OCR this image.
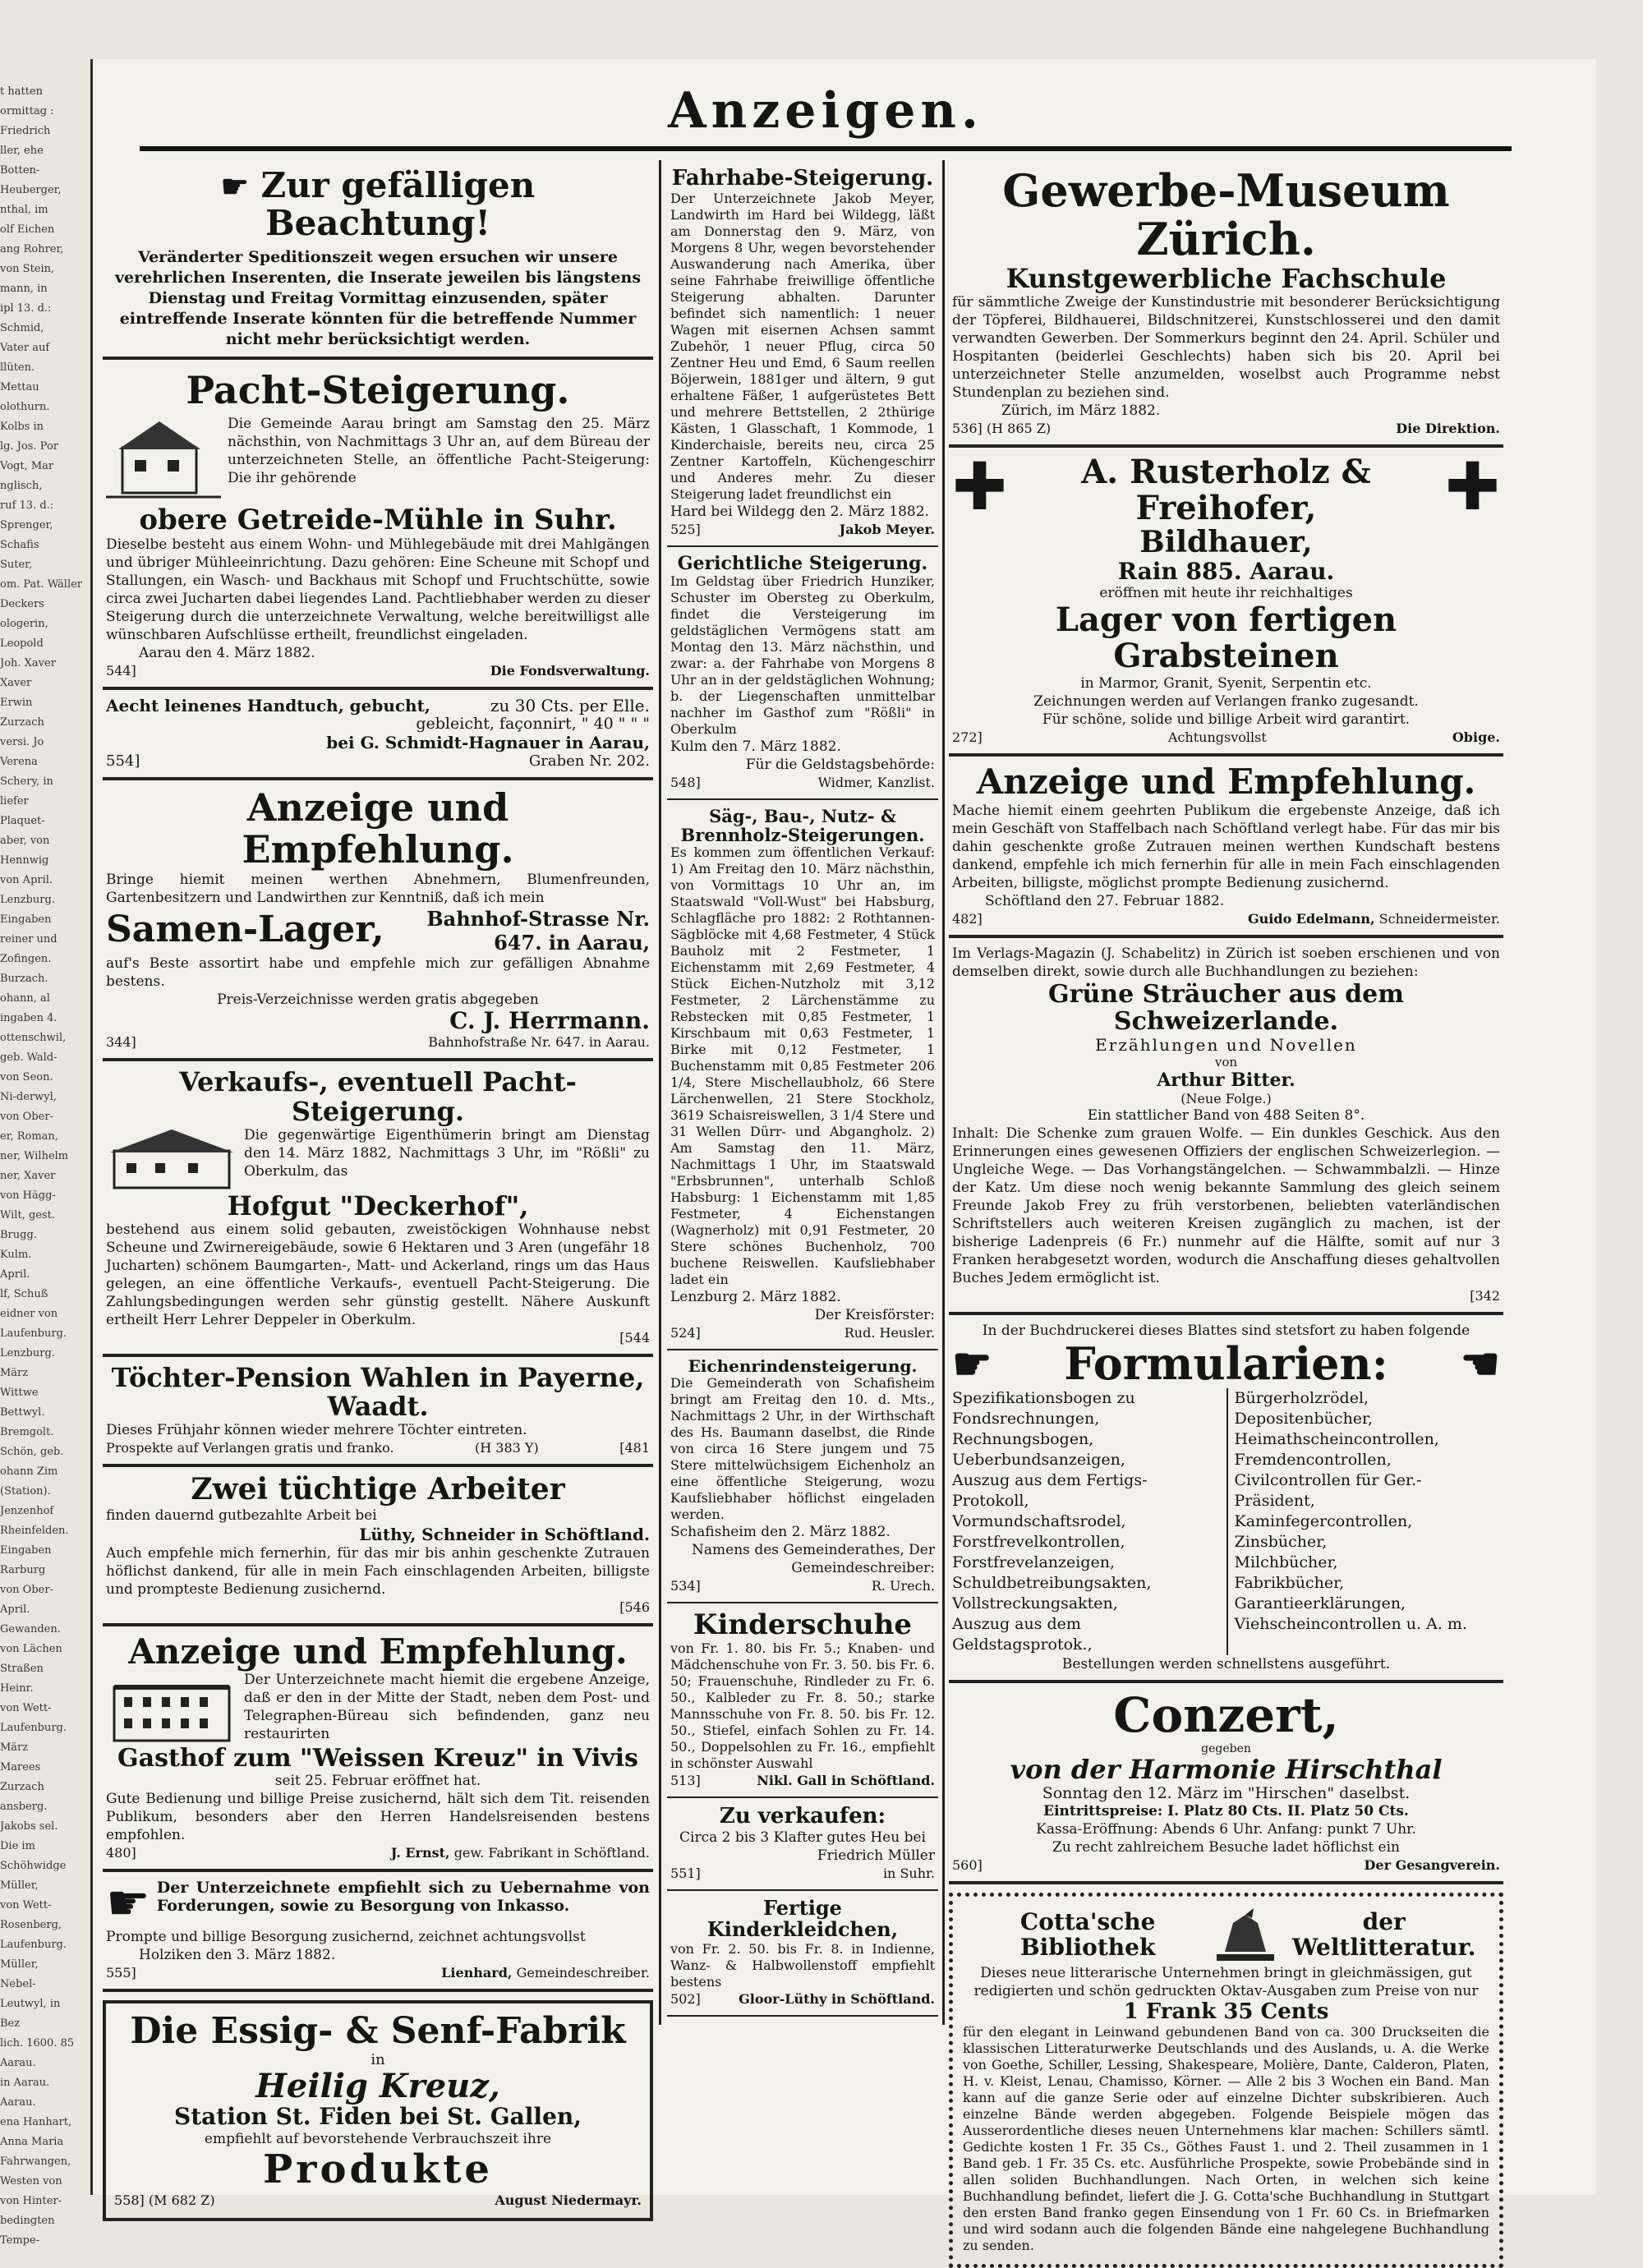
t hatten
ormittag :
Friedrich
ller, ehe
Botten-
Heuberger,
nthal, im
olf Eichen
ang Rohrer,
von Stein,
mann, in
ipl 13. d.:
Schmid,
Vater auf
llüten.
Mettau
olothurn.
Kolbs in
lg. Jos. Por
Vogt, Mar
nglisch,
ruf 13. d.:
Sprenger,
Schafis
Suter,
om. Pat. Wäller
Deckers
ologerin,
Leopold
Joh. Xaver
Xaver
Erwin
Zurzach
versi. Jo
Verena
Schery, in
liefer
Plaquet-
aber, von
Hennwig
von April.
Lenzburg.
Eingaben
reiner und
Zofingen.
Burzach.
ohann, al
ingaben 4.
ottenschwil,
geb. Wald-
von Seon.
Ni-derwyl,
von Ober-
er, Roman,
ner, Wilhelm
ner, Xaver
von Hägg-
Wilt, gest.
Brugg.
Kulm.
April.
lf, Schuß
eidner von
Laufenburg.
Lenzburg.
März
Wittwe
Bettwyl.
Bremgolt.
Schön, geb.
ohann Zim
(Station).
Jenzenhof
Rheinfelden.
Eingaben
Rarburg
von Ober-
April.
Gewanden.
von Lächen
Straßen
Heinr.
von Wett-
Laufenburg.
März
Marees
Zurzach
ansberg.
Jakobs sel.
Die im
Schöhwidge
Müller,
von Wett-
Rosenberg,
Laufenburg.
Müller,
Nebel-
Leutwyl, in
Bez
lich. 1600. 85
Aarau.
in Aarau.
Aarau.
ena Hanhart,
Anna Maria
Fahrwangen,
Westen von
von Hinter-
bedingten
Tempe-
Anzeigen.
☛ Zur gefälligen Beachtung!
Veränderter Speditionszeit wegen ersuchen wir unsere verehrlichen Inserenten, die Inserate jeweilen bis längstens Dienstag und Freitag Vormittag einzusenden, später eintreffende Inserate könnten für die betreffende Nummer nicht mehr berücksichtigt werden.
Pacht-Steigerung.
Die Gemeinde Aarau bringt am Samstag den 25. März nächsthin, von Nachmittags 3 Uhr an, auf dem Büreau der unterzeichneten Stelle, an öffentliche Pacht-Steigerung: Die ihr gehörende
obere Getreide-Mühle in Suhr.
Dieselbe besteht aus einem Wohn- und Mühlegebäude mit drei Mahlgängen und übriger Mühleeinrichtung. Dazu gehören: Eine Scheune mit Schopf und Stallungen, ein Wasch- und Backhaus mit Schopf und Fruchtschütte, sowie circa zwei Jucharten dabei liegendes Land. Pachtliebhaber werden zu dieser Steigerung durch die unterzeichnete Verwaltung, welche bereitwilligst alle wünschbaren Aufschlüsse ertheilt, freundlichst eingeladen.
Aarau den 4. März 1882.
544]	Die Fondsverwaltung.
Aecht leinenes Handtuch, gebucht,	zu 30 Cts. per Elle.
gebleicht, façonnirt, " 40 " " "
bei G. Schmidt-Hagnauer in Aarau,
554]	Graben Nr. 202.
Anzeige und Empfehlung.
Bringe hiemit meinen werthen Abnehmern, Blumenfreunden, Gartenbesitzern und Landwirthen zur Kenntniß, daß ich mein
Samen-Lager,	Bahnhof-Strasse Nr. 647. in Aarau,
auf's Beste assortirt habe und empfehle mich zur gefälligen Abnahme bestens.
Preis-Verzeichnisse werden gratis abgegeben
C. J. Herrmann.
344]	Bahnhofstraße Nr. 647. in Aarau.
Verkaufs-, eventuell Pacht-Steigerung.
Die gegenwärtige Eigenthümerin bringt am Dienstag den 14. März 1882, Nachmittags 3 Uhr, im "Rößli" zu Oberkulm, das
Hofgut "Deckerhof",
bestehend aus einem solid gebauten, zweistöckigen Wohnhause nebst Scheune und Zwirnereigebäude, sowie 6 Hektaren und 3 Aren (ungefähr 18 Jucharten) schönem Baumgarten-, Matt- und Ackerland, rings um das Haus gelegen, an eine öffentliche Verkaufs-, eventuell Pacht-Steigerung. Die Zahlungsbedingungen werden sehr günstig gestellt. Nähere Auskunft ertheilt Herr Lehrer Deppeler in Oberkulm.
[544
Töchter-Pension Wahlen in Payerne, Waadt.
Dieses Frühjahr können wieder mehrere Töchter eintreten.
Prospekte auf Verlangen gratis und franko.	(H 383 Y)	[481
Zwei tüchtige Arbeiter
finden dauernd gutbezahlte Arbeit bei
Lüthy, Schneider in Schöftland.
Auch empfehle mich fernerhin, für das mir bis anhin geschenkte Zutrauen höflichst dankend, für alle in mein Fach einschlagenden Arbeiten, billigste und prompteste Bedienung zusichernd.
[546
Anzeige und Empfehlung.
Der Unterzeichnete macht hiemit die ergebene Anzeige, daß er den in der Mitte der Stadt, neben dem Post- und Telegraphen-Büreau sich befindenden, ganz neu restaurirten
Gasthof zum "Weissen Kreuz" in Vivis
seit 25. Februar eröffnet hat.
Gute Bedienung und billige Preise zusichernd, hält sich dem Tit. reisenden Publikum, besonders aber den Herren Handelsreisenden bestens empfohlen.
480]	J. Ernst, gew. Fabrikant in Schöftland.
☛ Der Unterzeichnete empfiehlt sich zu Uebernahme von Forderungen, sowie zu Besorgung von Inkasso.
Prompte und billige Besorgung zusichernd, zeichnet achtungsvollst
Holziken den 3. März 1882.
555]	Lienhard, Gemeindeschreiber.
Die Essig- & Senf-Fabrik
in
Heilig Kreuz,
Station St. Fiden bei St. Gallen,
empfiehlt auf bevorstehende Verbrauchszeit ihre
Produkte
558] (M 682 Z)	August Niedermayr.
Fahrhabe-Steigerung.
Der Unterzeichnete Jakob Meyer, Landwirth im Hard bei Wildegg, läßt am Donnerstag den 9. März, von Morgens 8 Uhr, wegen bevorstehender Auswanderung nach Amerika, über seine Fahrhabe freiwillige öffentliche Steigerung abhalten. Darunter befindet sich namentlich: 1 neuer Wagen mit eisernen Achsen sammt Zubehör, 1 neuer Pflug, circa 50 Zentner Heu und Emd, 6 Saum reellen Böjerwein, 1881ger und ältern, 9 gut erhaltene Fäßer, 1 aufgerüstetes Bett und mehrere Bettstellen, 2 2thürige Kästen, 1 Glasschaft, 1 Kommode, 1 Kinderchaisle, bereits neu, circa 25 Zentner Kartoffeln, Küchengeschirr und Anderes mehr. Zu dieser Steigerung ladet freundlichst ein
Hard bei Wildegg den 2. März 1882.
525]	Jakob Meyer.
Gerichtliche Steigerung.
Im Geldstag über Friedrich Hunziker, Schuster im Obersteg zu Oberkulm, findet die Versteigerung im geldstäglichen Vermögens statt am Montag den 13. März nächsthin, und zwar: a. der Fahrhabe von Morgens 8 Uhr an in der geldstäglichen Wohnung; b. der Liegenschaften unmittelbar nachher im Gasthof zum "Rößli" in Oberkulm
Kulm den 7. März 1882.
Für die Geldstagsbehörde:
548]	Widmer, Kanzlist.
Säg-, Bau-, Nutz- & Brennholz-Steigerungen.
Es kommen zum öffentlichen Verkauf: 1) Am Freitag den 10. März nächsthin, von Vormittags 10 Uhr an, im Staatswald "Voll-Wust" bei Habsburg, Schlagfläche pro 1882: 2 Rothtannen-Sägblöcke mit 4,68 Festmeter, 4 Stück Bauholz mit 2 Festmeter, 1 Eichenstamm mit 2,69 Festmeter, 4 Stück Eichen-Nutzholz mit 3,12 Festmeter, 2 Lärchenstämme zu Rebstecken mit 0,85 Festmeter, 1 Kirschbaum mit 0,63 Festmeter, 1 Birke mit 0,12 Festmeter, 1 Buchenstamm mit 0,85 Festmeter 206 1/4, Stere Mischellaubholz, 66 Stere Lärchenwellen, 21 Stere Stockholz, 3619 Schaisreiswellen, 3 1/4 Stere und 31 Wellen Dürr- und Abgangholz. 2) Am Samstag den 11. März, Nachmittags 1 Uhr, im Staatswald "Erbsbrunnen", unterhalb Schloß Habsburg: 1 Eichenstamm mit 1,85 Festmeter, 4 Eichenstangen (Wagnerholz) mit 0,91 Festmeter, 20 Stere schönes Buchenholz, 700 buchene Reiswellen. Kaufsliebhaber ladet ein
Lenzburg 2. März 1882.
Der Kreisförster:
524]	Rud. Heusler.
Eichenrindensteigerung.
Die Gemeinderath von Schafisheim bringt am Freitag den 10. d. Mts., Nachmittags 2 Uhr, in der Wirthschaft des Hs. Baumann daselbst, die Rinde von circa 16 Stere jungem und 75 Stere mittelwüchsigem Eichenholz an eine öffentliche Steigerung, wozu Kaufsliebhaber höflichst eingeladen werden.
Schafisheim den 2. März 1882.
Namens des Gemeinderathes, Der Gemeindeschreiber:
534]	R. Urech.
Kinderschuhe
von Fr. 1. 80. bis Fr. 5.; Knaben- und Mädchenschuhe von Fr. 3. 50. bis Fr. 6. 50; Frauenschuhe, Rindleder zu Fr. 6. 50., Kalbleder zu Fr. 8. 50.; starke Mannsschuhe von Fr. 8. 50. bis Fr. 12. 50., Stiefel, einfach Sohlen zu Fr. 14. 50., Doppelsohlen zu Fr. 16., empfiehlt in schönster Auswahl
513]	Nikl. Gall in Schöftland.
Zu verkaufen:
Circa 2 bis 3 Klafter gutes Heu bei
Friedrich Müller
551]	in Suhr.
Fertige Kinderkleidchen,
von Fr. 2. 50. bis Fr. 8. in Indienne, Wanz- & Halbwollenstoff empfiehlt bestens
502]	Gloor-Lüthy in Schöftland.
Gewerbe-Museum Zürich.
Kunstgewerbliche Fachschule
für sämmtliche Zweige der Kunstindustrie mit besonderer Berücksichtigung der Töpferei, Bildhauerei, Bildschnitzerei, Kunstschlosserei und den damit verwandten Gewerben. Der Sommerkurs beginnt den 24. April. Schüler und Hospitanten (beiderlei Geschlechts) haben sich bis 20. April bei unterzeichneter Stelle anzumelden, woselbst auch Programme nebst Stundenplan zu beziehen sind.
Zürich, im März 1882.
536] (H 865 Z)	Die Direktion.
✚	A. Rusterholz & Freihofer,
Bildhauer,
Rain 885. Aarau.
✚
eröffnen mit heute ihr reichhaltiges
Lager von fertigen Grabsteinen
in Marmor, Granit, Syenit, Serpentin etc.
Zeichnungen werden auf Verlangen franko zugesandt.
Für schöne, solide und billige Arbeit wird garantirt.
272]	Achtungsvollst	Obige.
Anzeige und Empfehlung.
Mache hiemit einem geehrten Publikum die ergebenste Anzeige, daß ich mein Geschäft von Staffelbach nach Schöftland verlegt habe. Für das mir bis dahin geschenkte große Zutrauen meinen werthen Kundschaft bestens dankend, empfehle ich mich fernerhin für alle in mein Fach einschlagenden Arbeiten, billigste, möglichst prompte Bedienung zusichernd.
Schöftland den 27. Februar 1882.
482]	Guido Edelmann, Schneidermeister.
Im Verlags-Magazin (J. Schabelitz) in Zürich ist soeben erschienen und von demselben direkt, sowie durch alle Buchhandlungen zu beziehen:
Grüne Sträucher aus dem Schweizerlande.
Erzählungen und Novellen
von
Arthur Bitter.
(Neue Folge.)
Ein stattlicher Band von 488 Seiten 8°.
Inhalt: Die Schenke zum grauen Wolfe. — Ein dunkles Geschick. Aus den Erinnerungen eines gewesenen Offiziers der englischen Schweizerlegion. — Ungleiche Wege. — Das Vorhangstängelchen. — Schwammbalzli. — Hinze der Katz. Um diese noch wenig bekannte Sammlung des gleich seinem Freunde Jakob Frey zu früh verstorbenen, beliebten vaterländischen Schriftstellers auch weiteren Kreisen zugänglich zu machen, ist der bisherige Ladenpreis (6 Fr.) nunmehr auf die Hälfte, somit auf nur 3 Franken herabgesetzt worden, wodurch die Anschaffung dieses gehaltvollen Buches Jedem ermöglicht ist.
[342
In der Buchdruckerei dieses Blattes sind stetsfort zu haben folgende
☛ Formularien: ☚
Spezifikationsbogen zu Fondsrechnungen,
Rechnungsbogen,
Ueberbundsanzeigen,
Auszug aus dem Fertigs-Protokoll,
Vormundschaftsrodel,
Forstfrevelkontrollen,
Forstfrevelanzeigen,
Schuldbetreibungsakten,
Vollstreckungsakten,
Auszug aus dem Geldstagsprotok.,
Bürgerholzrödel,
Depositenbücher,
Heimathscheincontrollen,
Fremdencontrollen,
Civilcontrollen für Ger.-Präsident,
Kaminfegercontrollen,
Zinsbücher,
Milchbücher,
Fabrikbücher,
Garantieerklärungen,
Viehscheincontrollen u. A. m.
Bestellungen werden schnellstens ausgeführt.
Conzert,
gegeben
von der Harmonie Hirschthal
Sonntag den 12. März im "Hirschen" daselbst.
Eintrittspreise: I. Platz 80 Cts. II. Platz 50 Cts.
Kassa-Eröffnung: Abends 6 Uhr. Anfang: punkt 7 Uhr.
Zu recht zahlreichem Besuche ladet höflichst ein
560]	Der Gesangverein.
Cotta'sche Bibliothek
der Weltlitteratur.
Dieses neue litterarische Unternehmen bringt in gleichmässigen, gut redigierten und schön gedruckten Oktav-Ausgaben zum Preise von nur
1 Frank 35 Cents
für den elegant in Leinwand gebundenen Band von ca. 300 Druckseiten die klassischen Litteraturwerke Deutschlands und des Auslands, u. A. die Werke von Goethe, Schiller, Lessing, Shakespeare, Molière, Dante, Calderon, Platen, H. v. Kleist, Lenau, Chamisso, Körner. — Alle 2 bis 3 Wochen ein Band. Man kann auf die ganze Serie oder auf einzelne Dichter subskribieren. Auch einzelne Bände werden abgegeben. Folgende Beispiele mögen das Ausserordentliche dieses neuen Unternehmens klar machen: Schillers sämtl. Gedichte kosten 1 Fr. 35 Cs., Göthes Faust 1. und 2. Theil zusammen in 1 Band geb. 1 Fr. 35 Cs. etc. Ausführliche Prospekte, sowie Probebände sind in allen soliden Buchhandlungen. Nach Orten, in welchen sich keine Buchhandlung befindet, liefert die J. G. Cotta'sche Buchhandlung in Stuttgart den ersten Band franko gegen Einsendung von 1 Fr. 60 Cs. in Briefmarken und wird sodann auch die folgenden Bände eine nahgelegene Buchhandlung zu senden.
